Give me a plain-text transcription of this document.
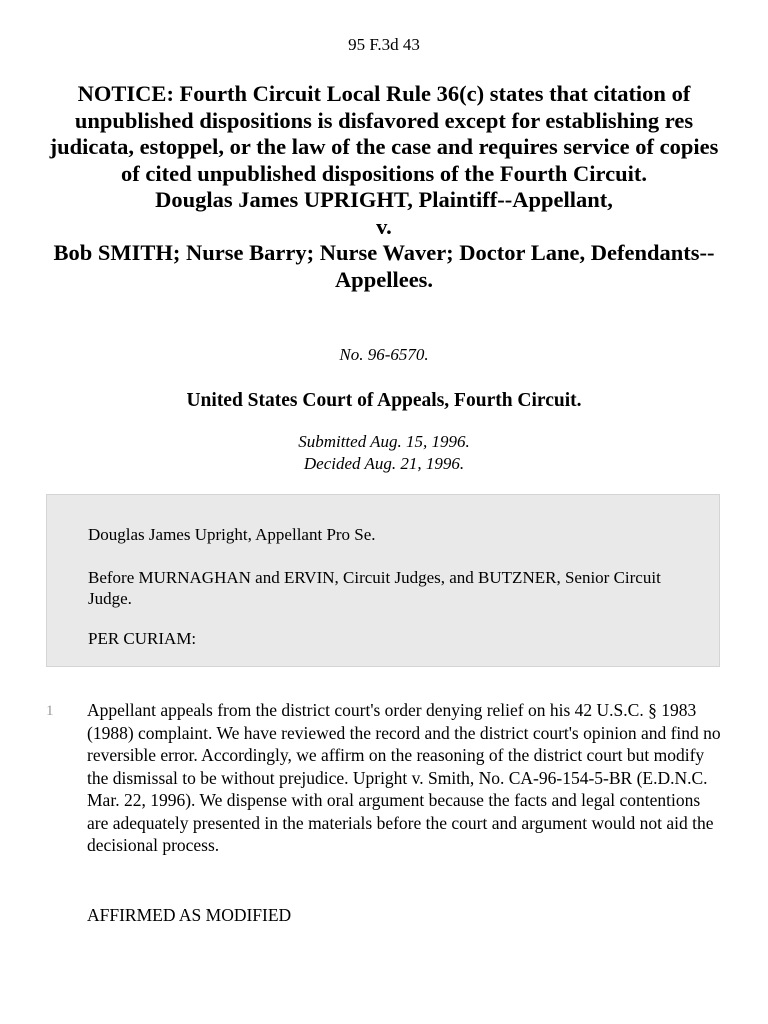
95 F.3d 43
NOTICE: Fourth Circuit Local Rule 36(c) states that citation of unpublished dispositions is disfavored except for establishing res judicata, estoppel, or the law of the case and requires service of copies of cited unpublished dispositions of the Fourth Circuit.
Douglas James UPRIGHT, Plaintiff--Appellant,
v.
Bob SMITH; Nurse Barry; Nurse Waver; Doctor Lane, Defendants--Appellees.
No. 96-6570.
United States Court of Appeals, Fourth Circuit.
Submitted Aug. 15, 1996.
Decided Aug. 21, 1996.

Douglas James Upright, Appellant Pro Se.

Before MURNAGHAN and ERVIN, Circuit Judges, and BUTZNER, Senior Circuit Judge.

PER CURIAM:

1 Appellant appeals from the district court's order denying relief on his 42 U.S.C. § 1983 (1988) complaint. We have reviewed the record and the district court's opinion and find no reversible error. Accordingly, we affirm on the reasoning of the district court but modify the dismissal to be without prejudice. Upright v. Smith, No. CA-96-154-5-BR (E.D.N.C. Mar. 22, 1996). We dispense with oral argument because the facts and legal contentions are adequately presented in the materials before the court and argument would not aid the decisional process.

AFFIRMED AS MODIFIED
